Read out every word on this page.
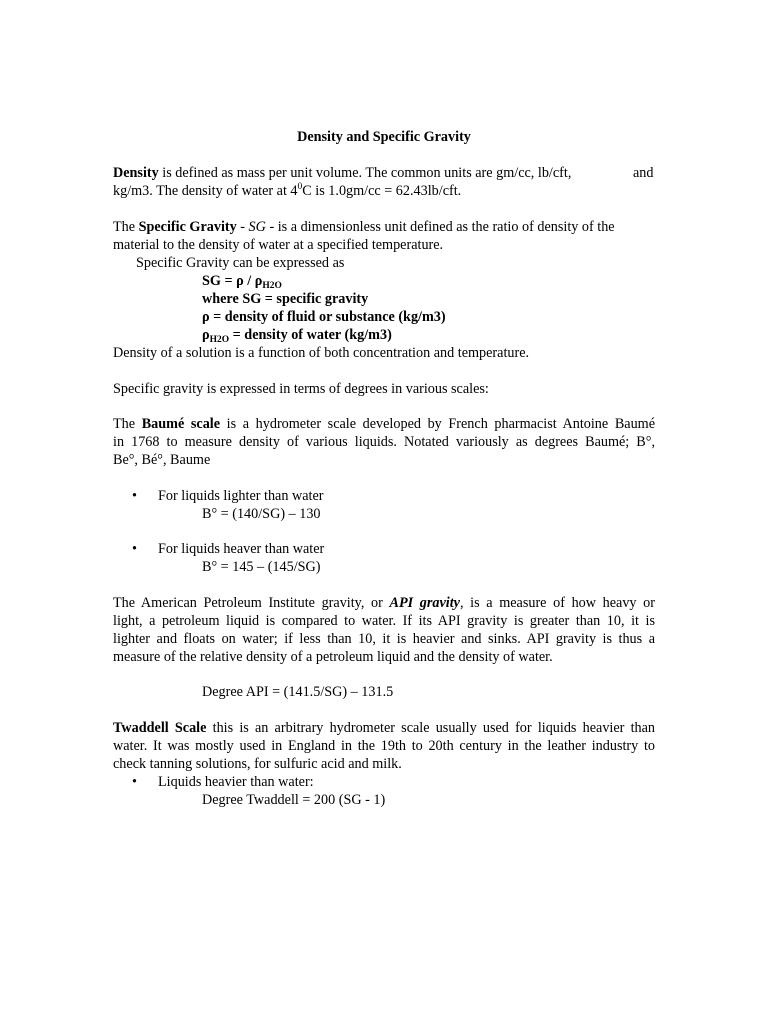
Density and Specific Gravity
Density is defined as mass per unit volume. The common units are gm/cc, lb/cft,	and
kg/m3. The density of water at $4^0C$ is 1.0gm/cc = 62.43lb/cft.
The Specific Gravity - SG - is a dimensionless unit defined as the ratio of density of the
material to the density of water at a specified temperature.
Specific Gravity can be expressed as
SG = ρ / $\rho_{H2O}$
where SG = specific gravity
ρ = density of fluid or substance (kg/m3)
$\rho_{H2O}$ = density of water (kg/m3)
Density of a solution is a function of both concentration and temperature.
Specific gravity is expressed in terms of degrees in various scales:
The Baumé scale is a hydrometer scale developed by French pharmacist Antoine Baumé
in 1768 to measure density of various liquids. Notated variously as degrees Baumé; B°,
Be°, Bé°, Baume
• For liquids lighter than water
B° = (140/SG) – 130
• For liquids heaver than water
B° = 145 – (145/SG)
The American Petroleum Institute gravity, or API gravity, is a measure of how heavy or
light, a petroleum liquid is compared to water. If its API gravity is greater than 10, it is
lighter and floats on water; if less than 10, it is heavier and sinks. API gravity is thus a
measure of the relative density of a petroleum liquid and the density of water.
Degree API = (141.5/SG) – 131.5
Twaddell Scale this is an arbitrary hydrometer scale usually used for liquids heavier than
water. It was mostly used in England in the 19th to 20th century in the leather industry to
check tanning solutions, for sulfuric acid and milk.
• Liquids heavier than water:
Degree Twaddell = 200 (SG - 1)
